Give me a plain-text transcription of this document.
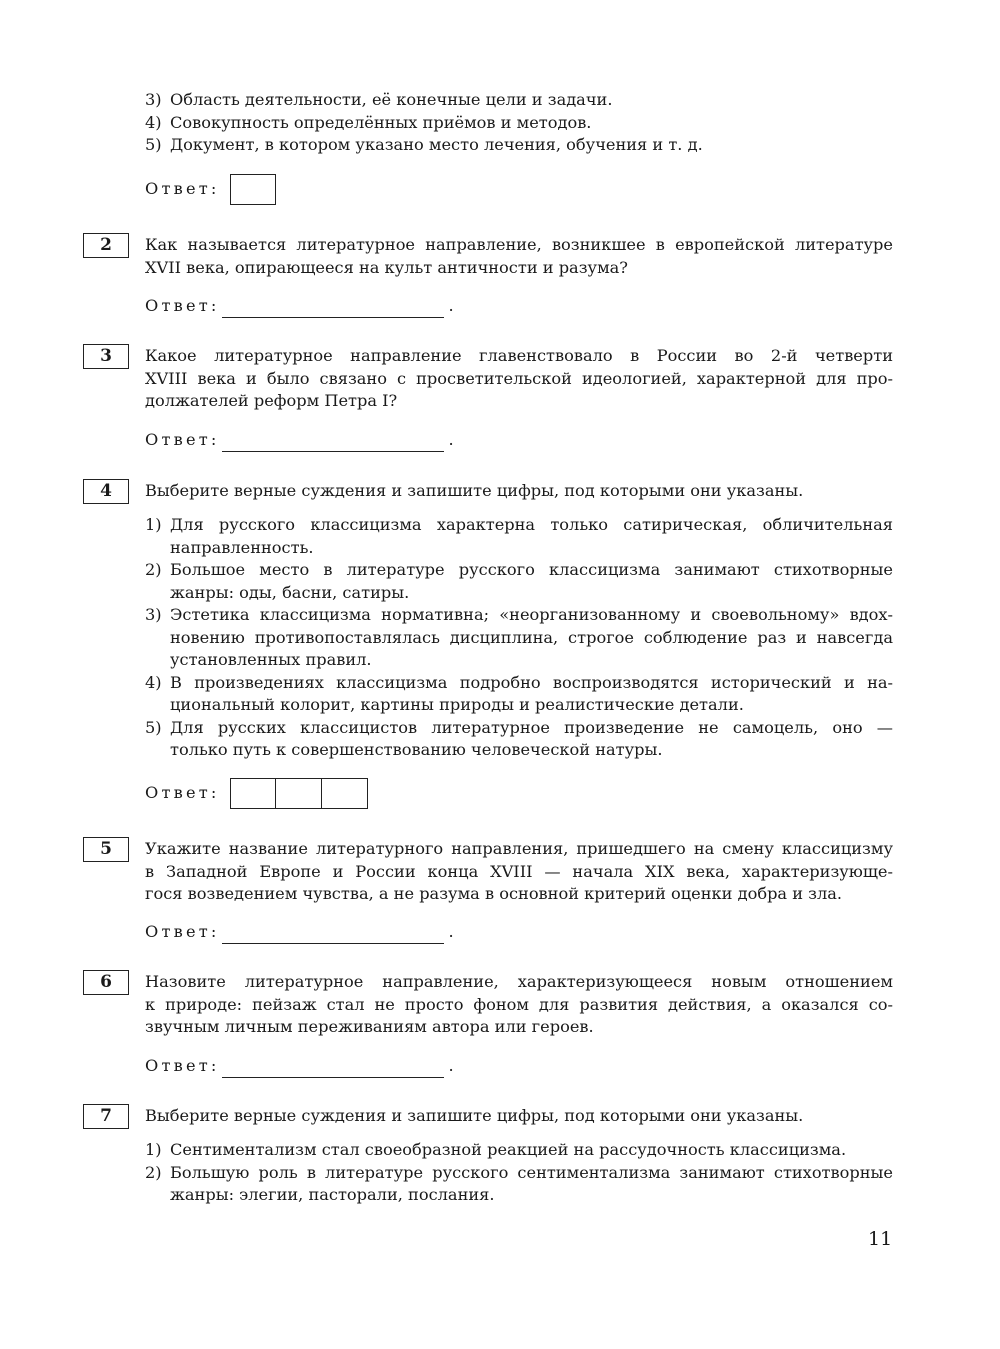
3) Область деятельности, её конечные цели и задачи.
4) Совокупность определённых приёмов и методов.
5) Документ, в котором указано место лечения, обучения и т. д.
Ответ:
2	Как называется литературное направление, возникшее в европейской литературе
XVII века, опирающееся на культ античности и разума?
Ответ:	.
3	Какое литературное направление главенствовало в России во 2-й четверти
XVIII века и было связано с просветительской идеологией, характерной для про-
должателей реформ Петра I?
Ответ:	.
4	Выберите верные суждения и запишите цифры, под которыми они указаны.
1) Для русского классицизма характерна только сатирическая, обличительная
направленность.
2) Большое место в литературе русского классицизма занимают стихотворные
жанры: оды, басни, сатиры.
3) Эстетика классицизма нормативна; «неорганизованному и своевольному» вдох-
новению противопоставлялась дисциплина, строгое соблюдение раз и навсегда
установленных правил.
4) В произведениях классицизма подробно воспроизводятся исторический и на-
циональный колорит, картины природы и реалистические детали.
5) Для русских классицистов литературное произведение не самоцель, оно —
только путь к совершенствованию человеческой натуры.
Ответ:
5	Укажите название литературного направления, пришедшего на смену классицизму
в Западной Европе и России конца XVIII — начала XIX века, характеризующе-
гося возведением чувства, а не разума в основной критерий оценки добра и зла.
Ответ:	.
6	Назовите литературное направление, характеризующееся новым отношением
к природе: пейзаж стал не просто фоном для развития действия, а оказался со-
звучным личным переживаниям автора или героев.
Ответ:	.
7	Выберите верные суждения и запишите цифры, под которыми они указаны.
1) Сентиментализм стал своеобразной реакцией на рассудочность классицизма.
2) Большую роль в литературе русского сентиментализма занимают стихотворные
жанры: элегии, пасторали, послания.
11
